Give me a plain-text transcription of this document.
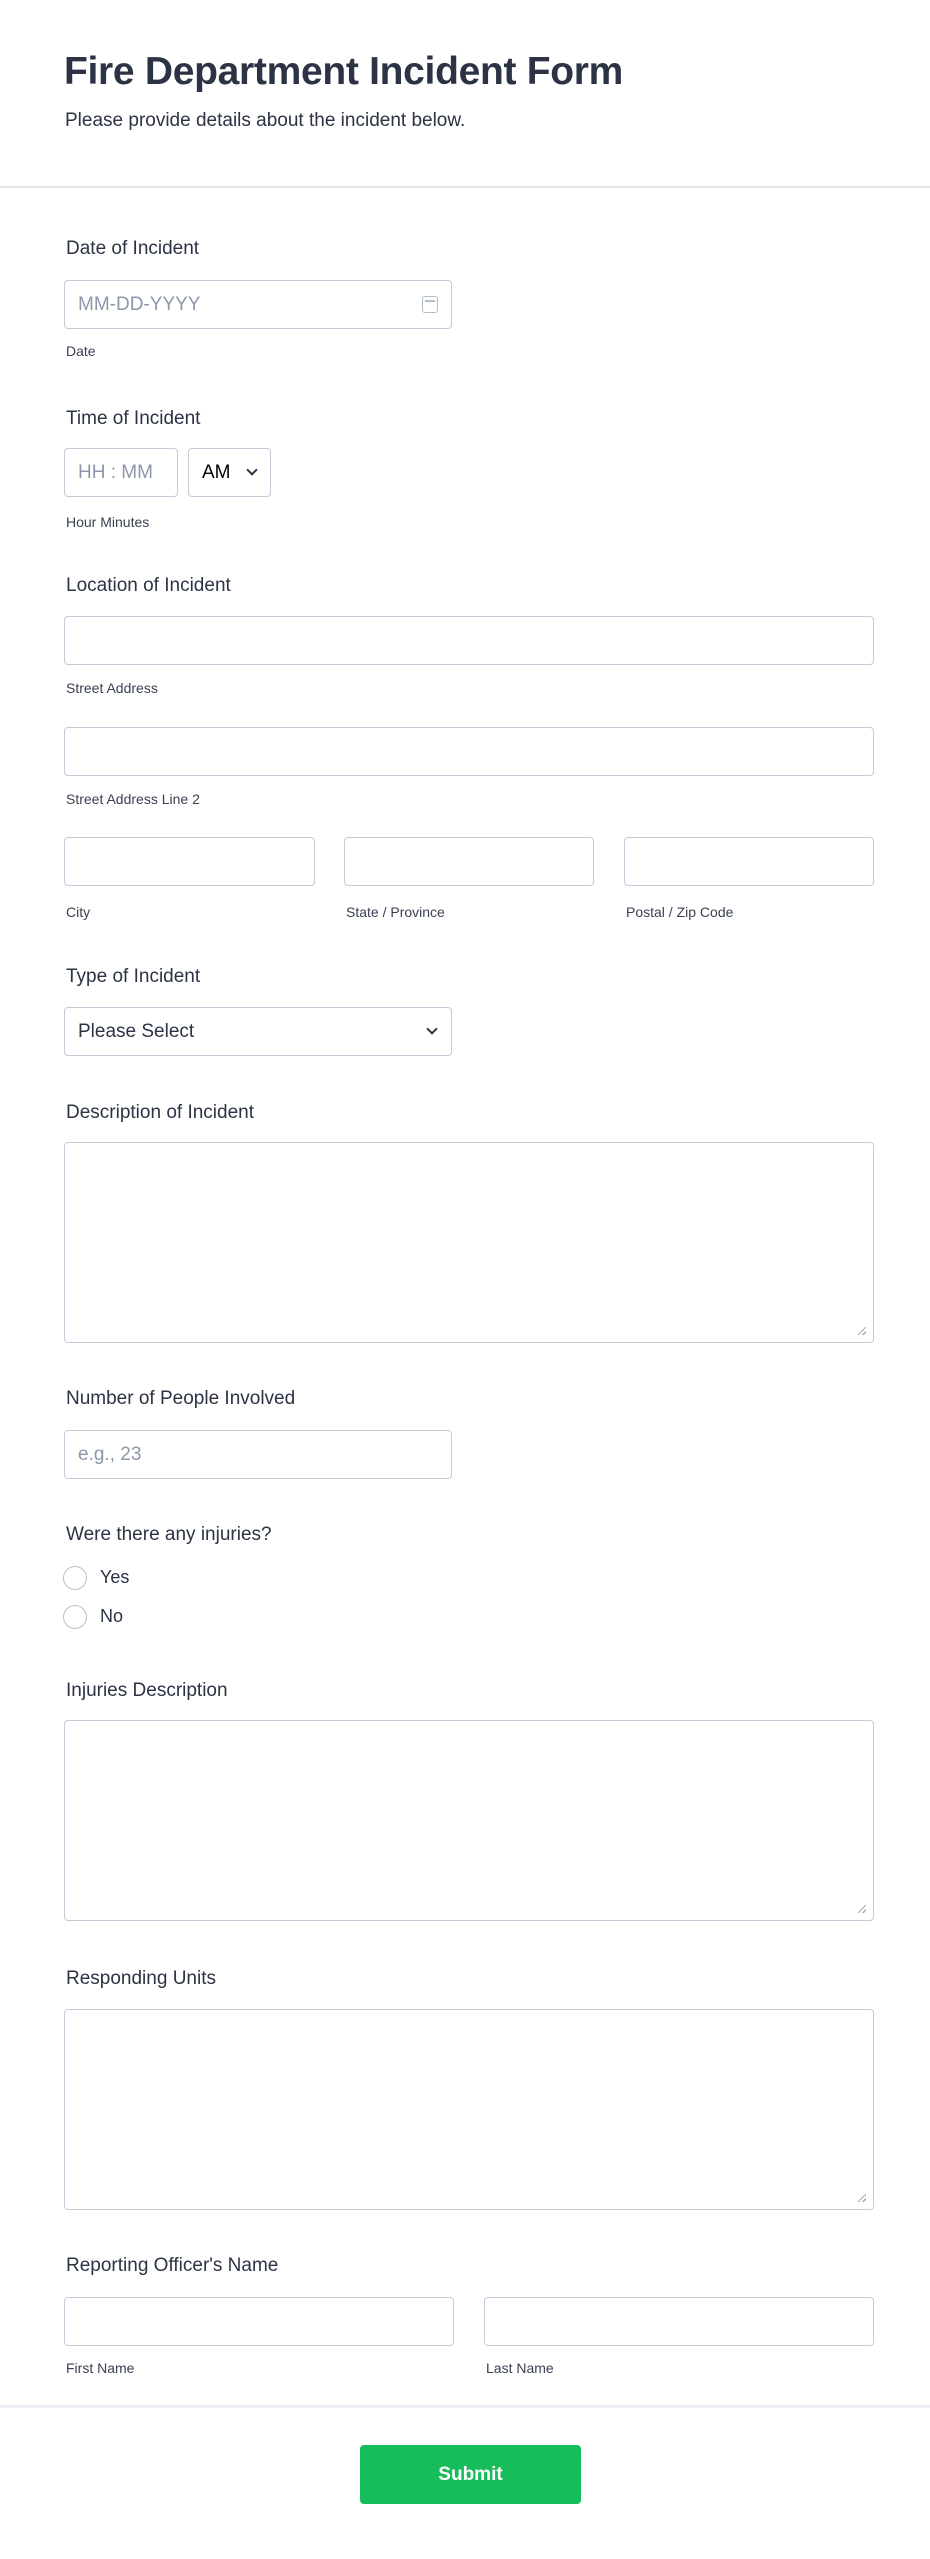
Fire Department Incident Form
Please provide details about the incident below.
Date of Incident
MM-DD-YYYY
Date
Time of Incident
HH : MM	AM
Hour Minutes
Location of Incident
Street Address
Street Address Line 2
City	State / Province	Postal / Zip Code
Type of Incident
Please Select
Description of Incident
Number of People Involved
e.g., 23
Were there any injuries?
Yes
No
Injuries Description
Responding Units
Reporting Officer's Name
First Name	Last Name
Submit
